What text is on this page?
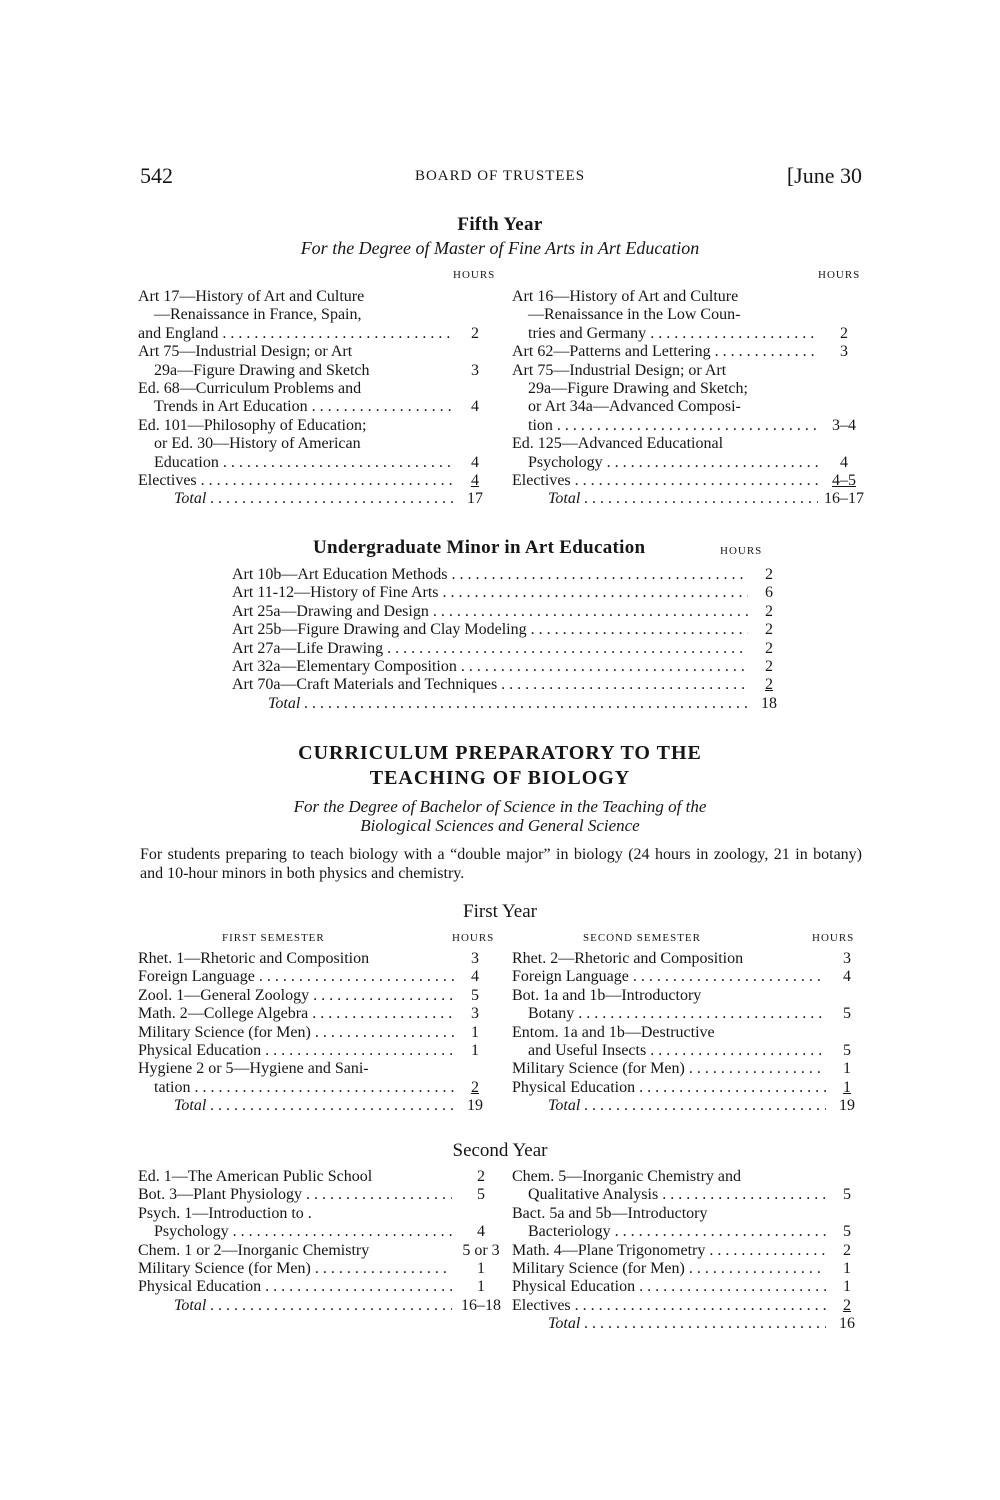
542	BOARD OF TRUSTEES	[June 30
Fifth Year
For the Degree of Master of Fine Arts in Art Education
HOURS	HOURS
Art 17—History of Art and Culture
—Renaissance in France, Spain,
and England . . .	2
Art 75—Industrial Design; or Art
29a—Figure Drawing and Sketch	3
Ed. 68—Curriculum Problems and
Trends in Art Education . . .	4
Ed. 101—Philosophy of Education;
or Ed. 30—History of American
Education . . .	4
Electives . . .	4
Total . . .	17
Art 16—History of Art and Culture
—Renaissance in the Low Coun-
tries and Germany . . .	2
Art 62—Patterns and Lettering . . .	3
Art 75—Industrial Design; or Art
29a—Figure Drawing and Sketch;
or Art 34a—Advanced Composi-
tion . . .	3–4
Ed. 125—Advanced Educational
Psychology . . .	4
Electives . . .	4–5
Total . . .	16–17
Undergraduate Minor in Art Education	HOURS
Art 10b—Art Education Methods . . .	2
Art 11-12—History of Fine Arts . . .	6
Art 25a—Drawing and Design . . .	2
Art 25b—Figure Drawing and Clay Modeling . . .	2
Art 27a—Life Drawing . . .	2
Art 32a—Elementary Composition . . .	2
Art 70a—Craft Materials and Techniques . . .	2
Total . . .	18
CURRICULUM PREPARATORY TO THE
TEACHING OF BIOLOGY
For the Degree of Bachelor of Science in the Teaching of the
Biological Sciences and General Science
For students preparing to teach biology with a “double major” in biology (24 hours in zoology, 21 in botany) and 10-hour minors in both physics and chemistry.
First Year
FIRST SEMESTER	HOURS	SECOND SEMESTER	HOURS
Rhet. 1—Rhetoric and Composition	3
Foreign Language . . .	4
Zool. 1—General Zoology . . .	5
Math. 2—College Algebra . . .	3
Military Science (for Men) . . .	1
Physical Education . . .	1
Hygiene 2 or 5—Hygiene and Sani-
tation . . .	2
Total . . .	19
Rhet. 2—Rhetoric and Composition	3
Foreign Language . . .	4
Bot. 1a and 1b—Introductory
Botany . . .	5
Entom. 1a and 1b—Destructive
and Useful Insects . . .	5
Military Science (for Men) . . .	1
Physical Education . . .	1
Total . . .	19
Second Year
Ed. 1—The American Public School	2
Bot. 3—Plant Physiology . . .	5
Psych. 1—Introduction to .
Psychology . . .	4
Chem. 1 or 2—Inorganic Chemistry	5 or 3
Military Science (for Men) . . .	1
Physical Education . . .	1
Total . . .	16–18
Chem. 5—Inorganic Chemistry and
Qualitative Analysis . . .	5
Bact. 5a and 5b—Introductory
Bacteriology . . .	5
Math. 4—Plane Trigonometry . . .	2
Military Science (for Men) . . .	1
Physical Education . . .	1
Electives . . .	2
Total . . .	16
